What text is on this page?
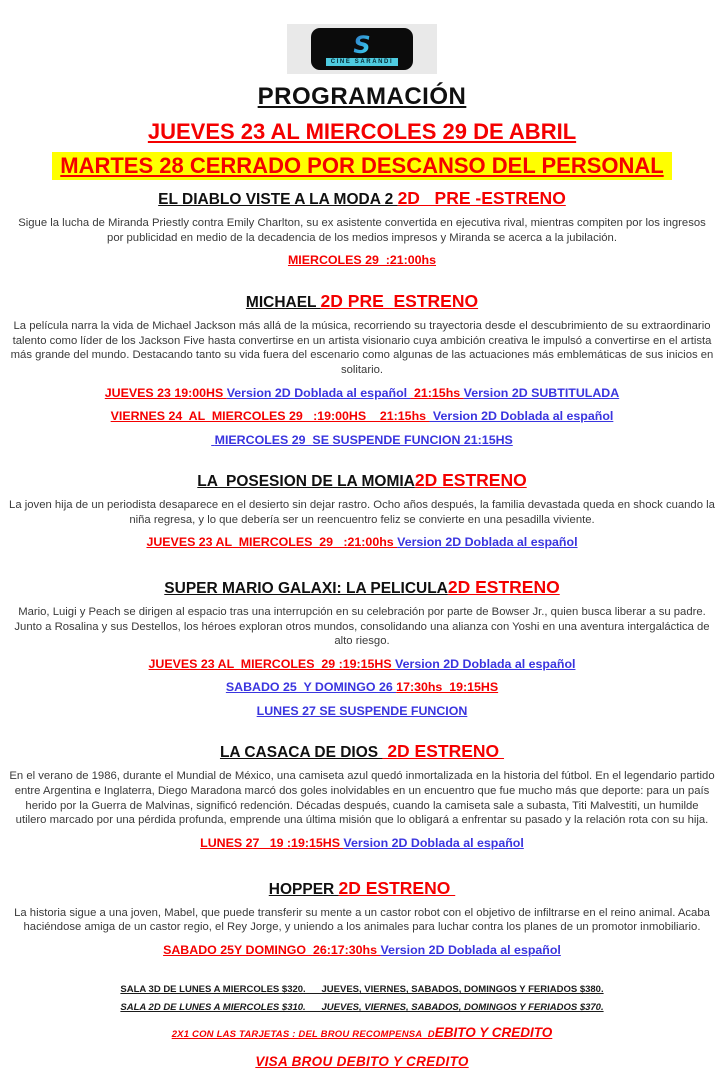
S
CINE SARANDI
PROGRAMACIÓN
JUEVES 23 AL MIERCOLES 29 DE ABRIL
MARTES 28 CERRADO POR DESCANSO DEL PERSONAL
EL DIABLO VISTE A LA MODA 2 2D   PRE -ESTRENO
Sigue la lucha de Miranda Priestly contra Emily Charlton, su ex asistente convertida en ejecutiva rival, mientras compiten por los ingresos por publicidad en medio de la decadencia de los medios impresos y Miranda se acerca a la jubilación.
MIERCOLES 29  :21:00hs
MICHAEL 2D PRE  ESTRENO
La película narra la vida de Michael Jackson más allá de la música, recorriendo su trayectoria desde el descubrimiento de su extraordinario talento como líder de los Jackson Five hasta convertirse en un artista visionario cuya ambición creativa le impulsó a convertirse en el artista más grande del mundo. Destacando tanto su vida fuera del escenario como algunas de las actuaciones más emblemáticas de sus inicios en solitario.
JUEVES 23 19:00HS Version 2D Doblada al español  21:15hs Version 2D SUBTITULADA
VIERNES 24  AL  MIERCOLES 29   :19:00HS    21:15hs  Version 2D Doblada al español
MIERCOLES 29  SE SUSPENDE FUNCION 21:15HS
LA  POSESION DE LA MOMIA2D ESTRENO
La joven hija de un periodista desaparece en el desierto sin dejar rastro. Ocho años después, la familia devastada queda en shock cuando la niña regresa, y lo que debería ser un reencuentro feliz se convierte en una pesadilla viviente.
JUEVES 23 AL  MIERCOLES  29   :21:00hs Version 2D Doblada al español
SUPER MARIO GALAXI: LA PELICULA2D ESTRENO
Mario, Luigi y Peach se dirigen al espacio tras una interrupción en su celebración por parte de Bowser Jr., quien busca liberar a su padre. Junto a Rosalina y sus Destellos, los héroes exploran otros mundos, consolidando una alianza con Yoshi en una aventura intergaláctica de alto riesgo.
JUEVES 23 AL  MIERCOLES  29 :19:15HS Version 2D Doblada al español
SABADO 25  Y DOMINGO 26 17:30hs  19:15HS
LUNES 27 SE SUSPENDE FUNCION
LA CASACA DE DIOS  2D ESTRENO
En el verano de 1986, durante el Mundial de México, una camiseta azul quedó inmortalizada en la historia del fútbol. En el legendario partido entre Argentina e Inglaterra, Diego Maradona marcó dos goles inolvidables en un encuentro que fue mucho más que deporte: para un país herido por la Guerra de Malvinas, significó redención. Décadas después, cuando la camiseta sale a subasta, Titi Malvestiti, un humilde utilero marcado por una pérdida profunda, emprende una última misión que lo obligará a enfrentar su pasado y la relación rota con su hija.
LUNES 27   19 :19:15HS Version 2D Doblada al español
HOPPER 2D ESTRENO
La historia sigue a una joven, Mabel, que puede transferir su mente a un castor robot con el objetivo de infiltrarse en el reino animal. Acaba haciéndose amiga de un castor regio, el Rey Jorge, y uniendo a los animales para luchar contra los planes de un promotor inmobiliario.
SABADO 25Y DOMINGO  26:17:30hs Version 2D Doblada al español
SALA 3D DE LUNES A MIERCOLES $320.      JUEVES, VIERNES, SABADOS, DOMINGOS Y FERIADOS $380.
SALA 2D DE LUNES A MIERCOLES $310.      JUEVES, VIERNES, SABADOS, DOMINGOS Y FERIADOS $370.
2X1 CON LAS TARJETAS : DEL BROU RECOMPENSA  DEBITO Y CREDITO
VISA BROU DEBITO Y CREDITO
